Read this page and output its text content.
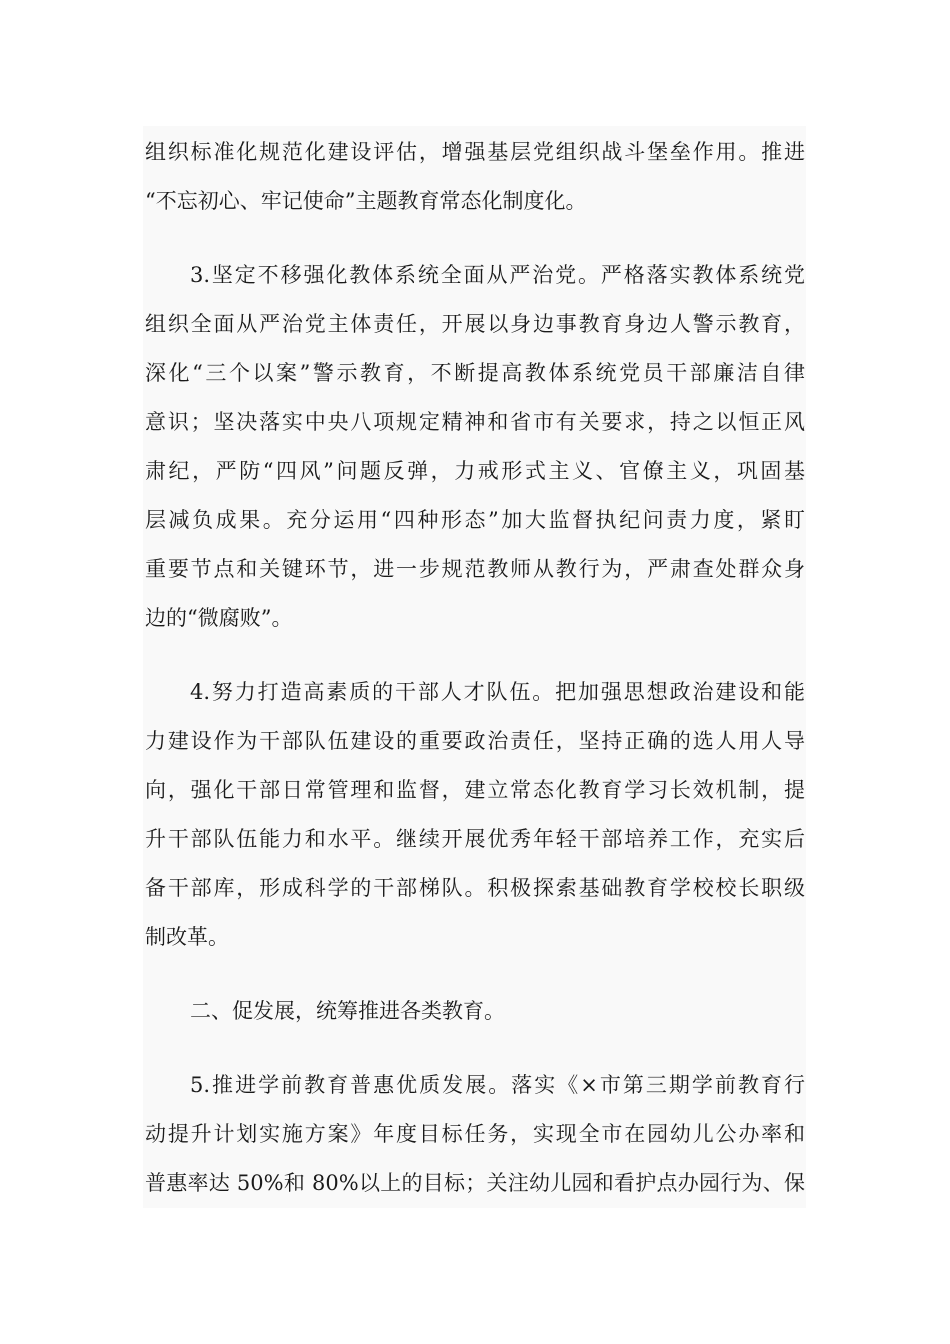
组织标准化规范化建设评估，增强基层党组织战斗堡垒作用。推进
“不忘初心、牢记使命”主题教育常态化制度化。
3.坚定不移强化教体系统全面从严治党。严格落实教体系统党
组织全面从严治党主体责任，开展以身边事教育身边人警示教育，
深化“三个以案”警示教育，不断提高教体系统党员干部廉洁自律
意识；坚决落实中央八项规定精神和省市有关要求，持之以恒正风
肃纪，严防“四风”问题反弹，力戒形式主义、官僚主义，巩固基
层减负成果。充分运用“四种形态”加大监督执纪问责力度，紧盯
重要节点和关键环节，进一步规范教师从教行为，严肃查处群众身
边的“微腐败”。
4.努力打造高素质的干部人才队伍。把加强思想政治建设和能
力建设作为干部队伍建设的重要政治责任，坚持正确的选人用人导
向，强化干部日常管理和监督，建立常态化教育学习长效机制，提
升干部队伍能力和水平。继续开展优秀年轻干部培养工作，充实后
备干部库，形成科学的干部梯队。积极探索基础教育学校校长职级
制改革。
二、促发展，统筹推进各类教育。
5.推进学前教育普惠优质发展。落实《×市第三期学前教育行
动提升计划实施方案》年度目标任务，实现全市在园幼儿公办率和
普惠率达 50%和 80%以上的目标；关注幼儿园和看护点办园行为、保
